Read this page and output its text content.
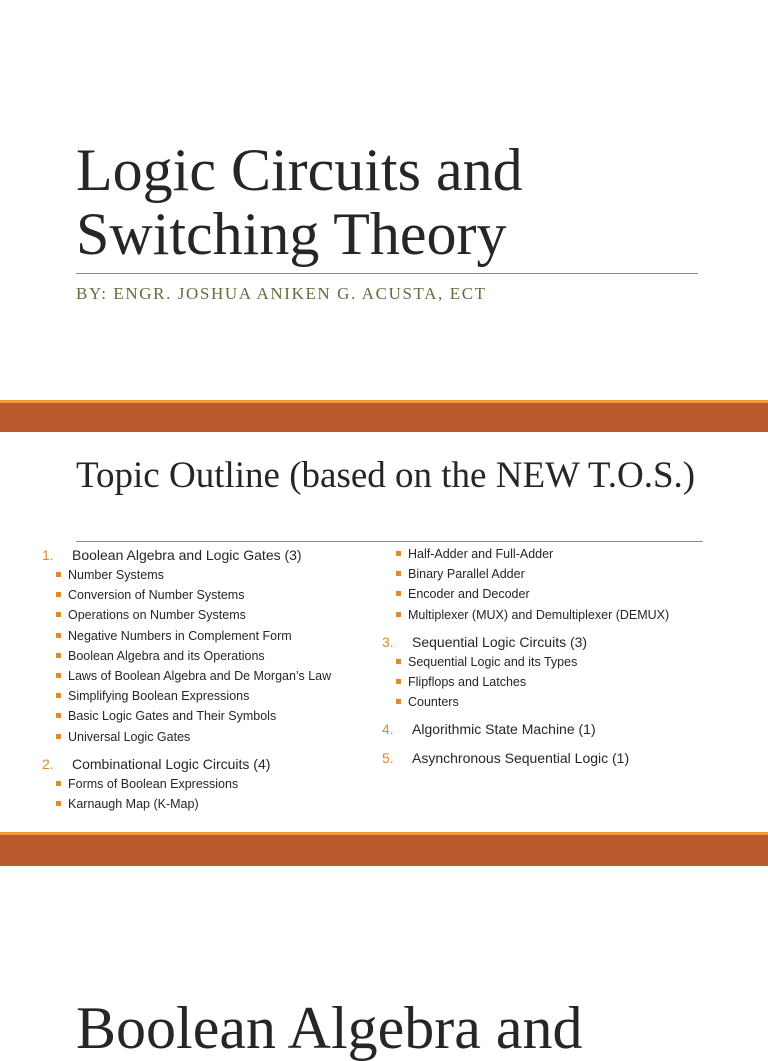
Logic Circuits and Switching Theory
BY: ENGR. JOSHUA ANIKEN G. ACUSTA, ECT
Topic Outline (based on the NEW T.O.S.)
1.	Boolean Algebra and Logic Gates (3)
Number Systems
Conversion of Number Systems
Operations on Number Systems
Negative Numbers in Complement Form
Boolean Algebra and its Operations
Laws of Boolean Algebra and De Morgan’s Law
Simplifying Boolean Expressions
Basic Logic Gates and Their Symbols
Universal Logic Gates
2.	Combinational Logic Circuits (4)
Forms of Boolean Expressions
Karnaugh Map (K-Map)
Half-Adder and Full-Adder
Binary Parallel Adder
Encoder and Decoder
Multiplexer (MUX) and Demultiplexer (DEMUX)
3.	Sequential Logic Circuits (3)
Sequential Logic and its Types
Flipflops and Latches
Counters
4.	Algorithmic State Machine (1)
5.	Asynchronous Sequential Logic (1)
Boolean Algebra and
